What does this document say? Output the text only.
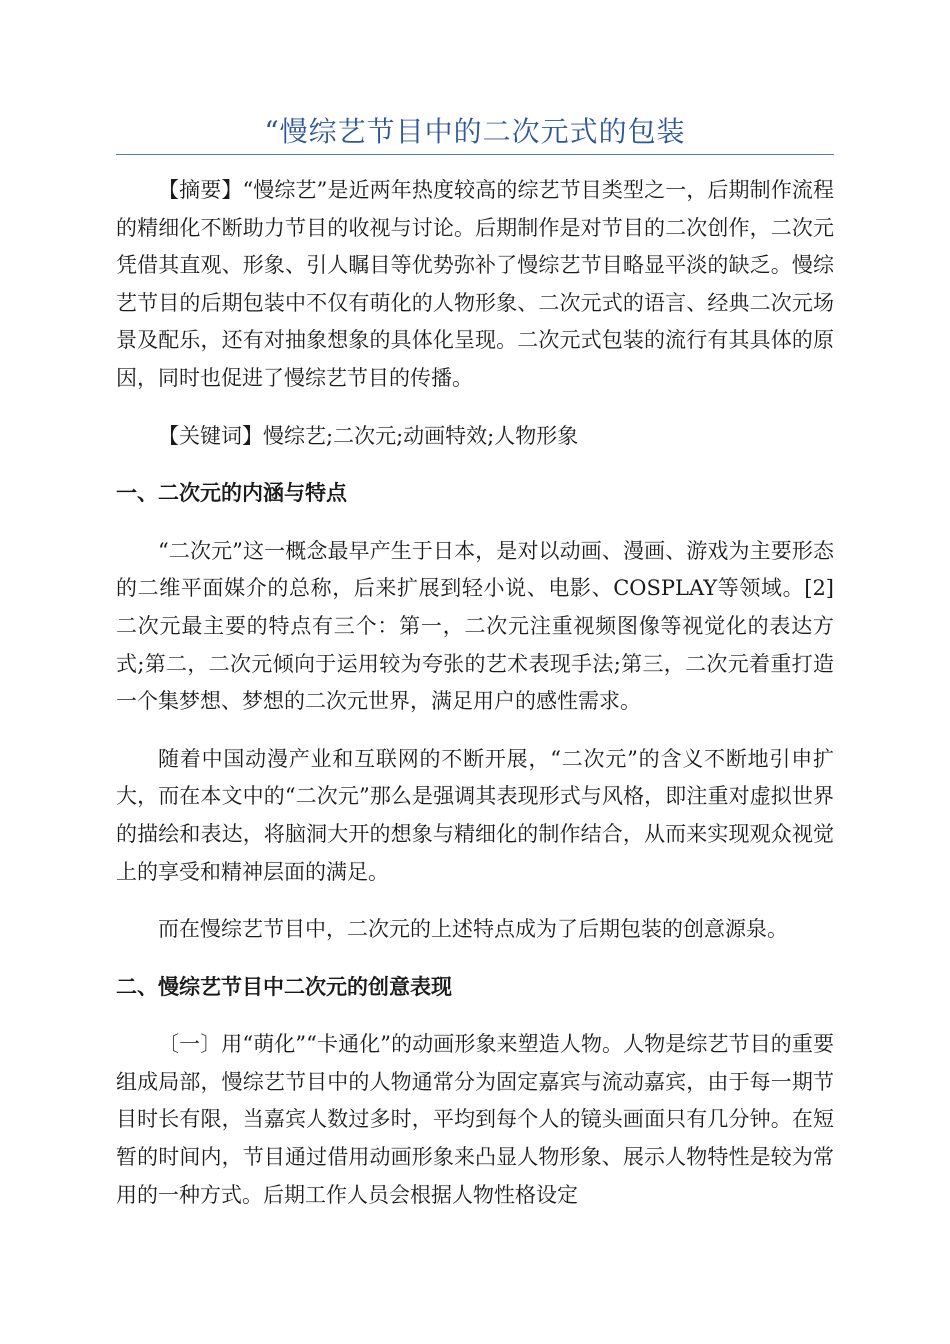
“慢综艺节目中的二次元式的包装

【摘要】“慢综艺”是近两年热度较高的综艺节目类型之一，后期制作流程的精细化不断助力节目的收视与讨论。后期制作是对节目的二次创作，二次元凭借其直观、形象、引人瞩目等优势弥补了慢综艺节目略显平淡的缺乏。慢综艺节目的后期包装中不仅有萌化的人物形象、二次元式的语言、经典二次元场景及配乐，还有对抽象想象的具体化呈现。二次元式包装的流行有其具体的原因，同时也促进了慢综艺节目的传播。

【关键词】慢综艺;二次元;动画特效;人物形象

一、二次元的内涵与特点

“二次元”这一概念最早产生于日本，是对以动画、漫画、游戏为主要形态的二维平面媒介的总称，后来扩展到轻小说、电影、COSPLAY等领域。[2]二次元最主要的特点有三个：第一，二次元注重视频图像等视觉化的表达方式;第二，二次元倾向于运用较为夸张的艺术表现手法;第三，二次元着重打造一个集梦想、梦想的二次元世界，满足用户的感性需求。

随着中国动漫产业和互联网的不断开展，“二次元”的含义不断地引申扩大，而在本文中的“二次元”那么是强调其表现形式与风格，即注重对虚拟世界的描绘和表达，将脑洞大开的想象与精细化的制作结合，从而来实现观众视觉上的享受和精神层面的满足。

而在慢综艺节目中，二次元的上述特点成为了后期包装的创意源泉。

二、慢综艺节目中二次元的创意表现

〔一〕用“萌化”“卡通化”的动画形象来塑造人物。人物是综艺节目的重要组成局部，慢综艺节目中的人物通常分为固定嘉宾与流动嘉宾，由于每一期节目时长有限，当嘉宾人数过多时，平均到每个人的镜头画面只有几分钟。在短暂的时间内，节目通过借用动画形象来凸显人物形象、展示人物特性是较为常用的一种方式。后期工作人员会根据人物性格设定
